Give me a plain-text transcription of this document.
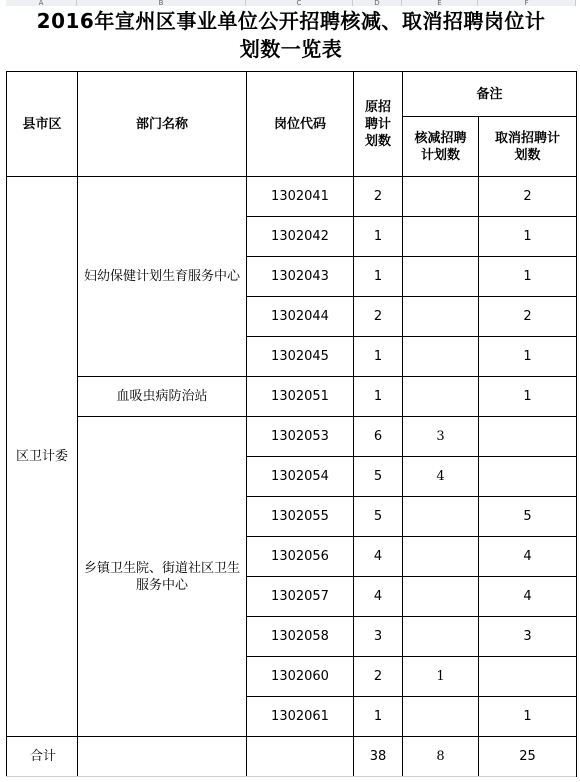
A	B	C	D	E	F
2016年宣州区事业单位公开招聘核减、取消招聘岗位计
划数一览表
县市区	部门名称	岗位代码	原招聘计划数	备注	
				核减招聘计划数	取消招聘计划数
区卫计委	妇幼保健计划生育服务中心	1302041	2		2
		1302042	1		1
		1302043	1		1
		1302044	2		2
		1302045	1		1
	血吸虫病防治站	1302051	1		1
	乡镇卫生院、街道社区卫生服务中心	1302053	6	3	
		1302054	5	4	
		1302055	5		5
		1302056	4		4
		1302057	4		4
		1302058	3		3
		1302060	2	1	
		1302061	1		1
合计			38	8	25
